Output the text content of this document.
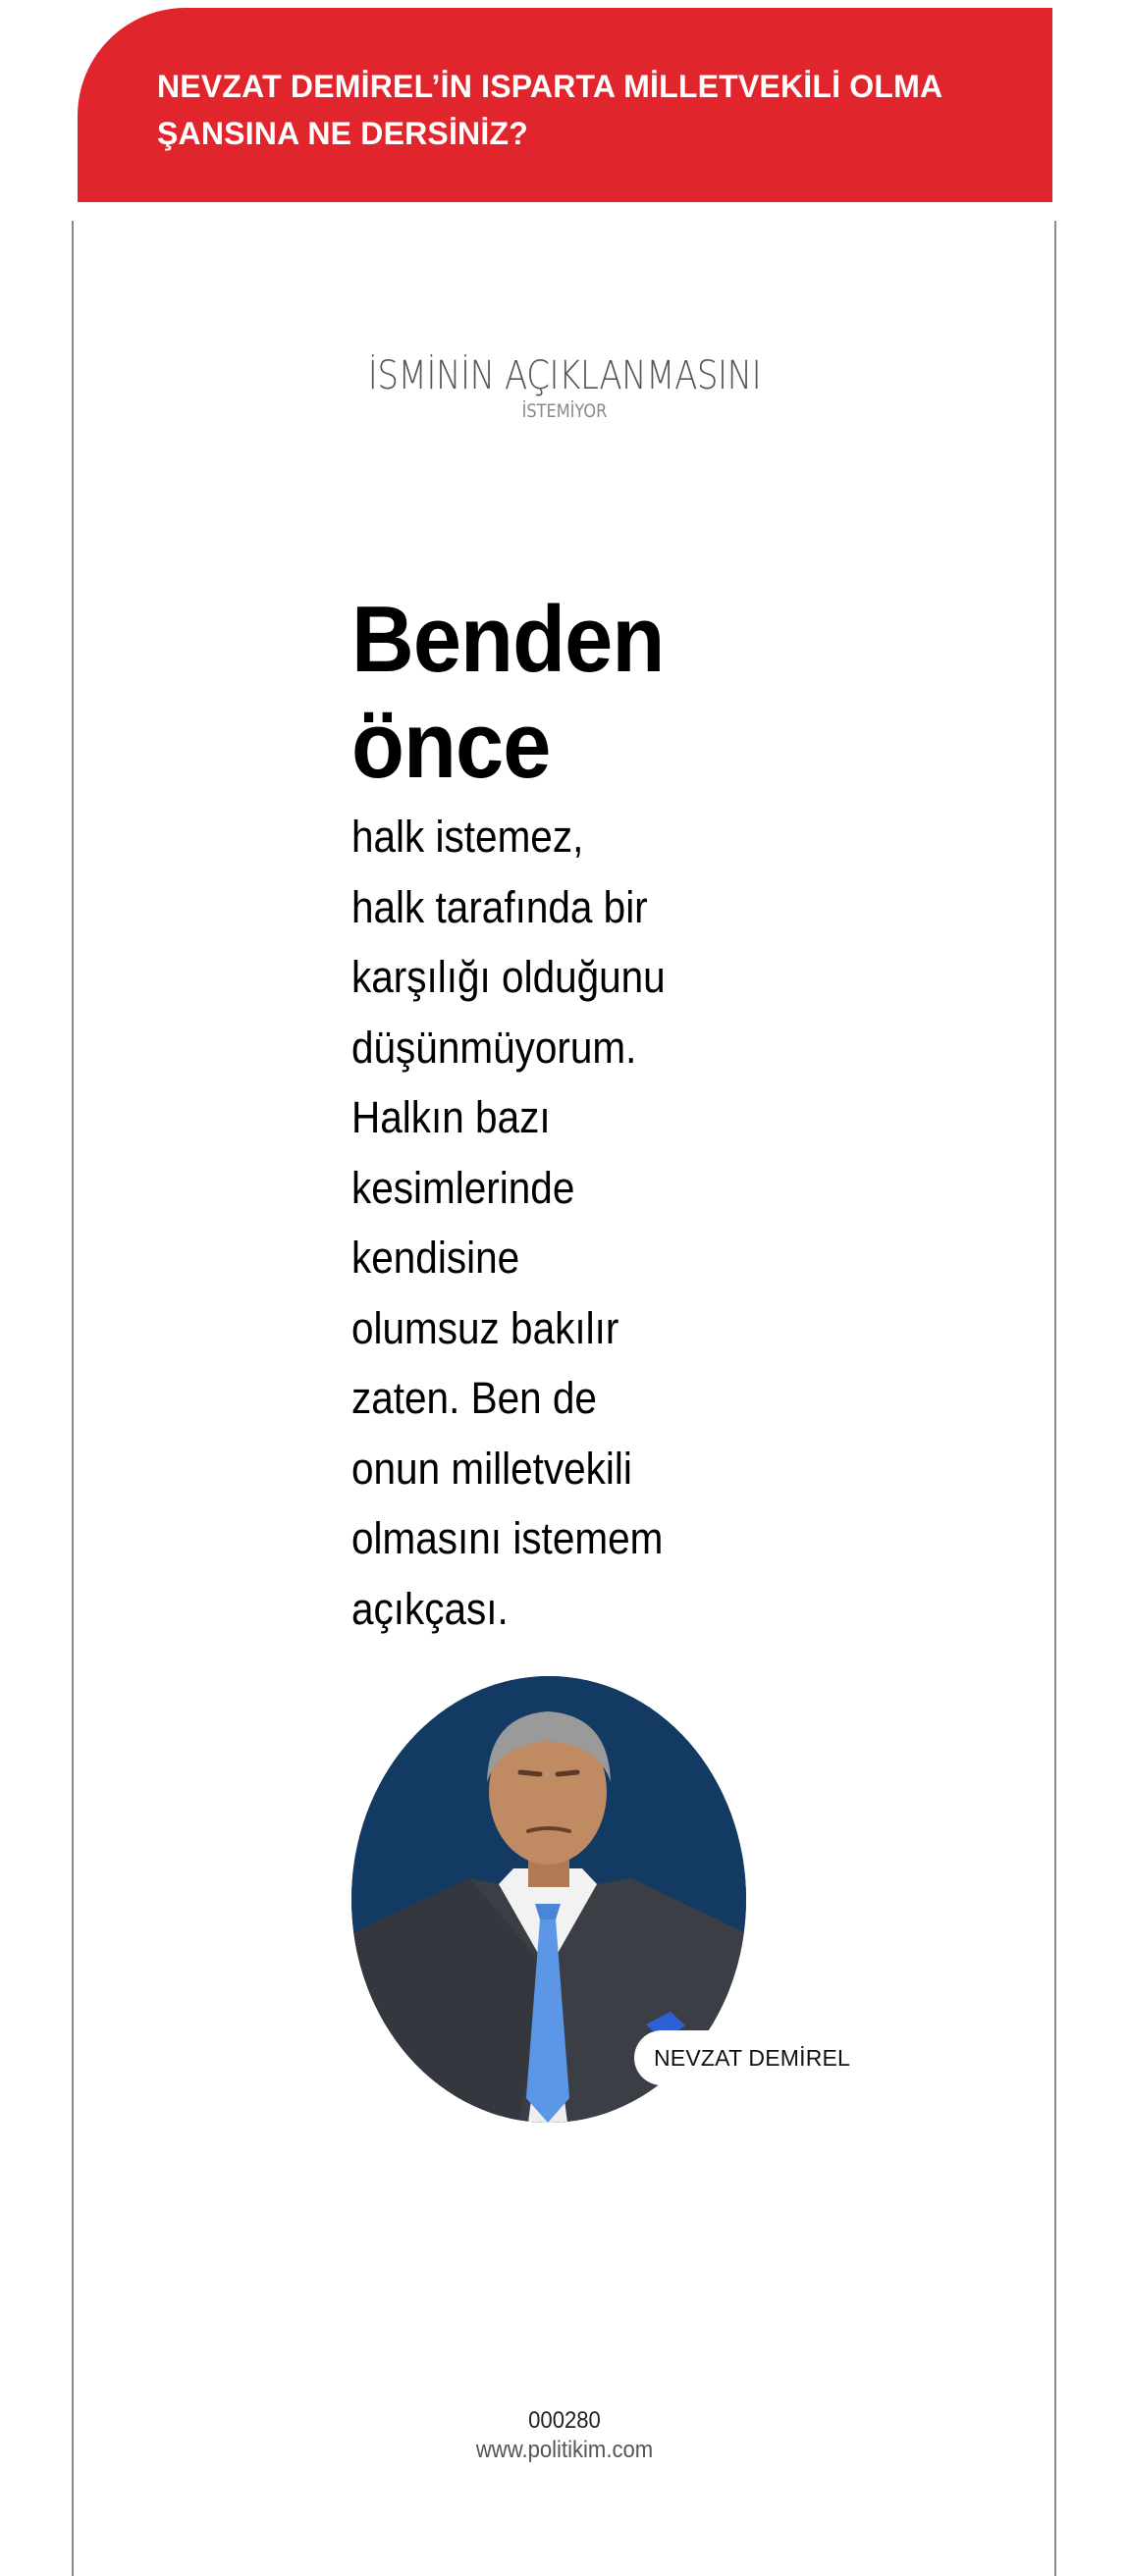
NEVZAT DEMİREL’İN ISPARTA MİLLETVEKİLİ OLMA
ŞANSINA NE DERSİNİZ?
İSMİNİN AÇIKLANMASINI
İSTEMİYOR

Benden
önce

halk istemez,
halk tarafında bir
karşılığı olduğunu
düşünmüyorum.
Halkın bazı
kesimlerinde
kendisine
olumsuz bakılır
zaten. Ben de
onun milletvekili
olmasını istemem
açıkçası.

NEVZAT DEMİREL
000280
www.politikim.com
